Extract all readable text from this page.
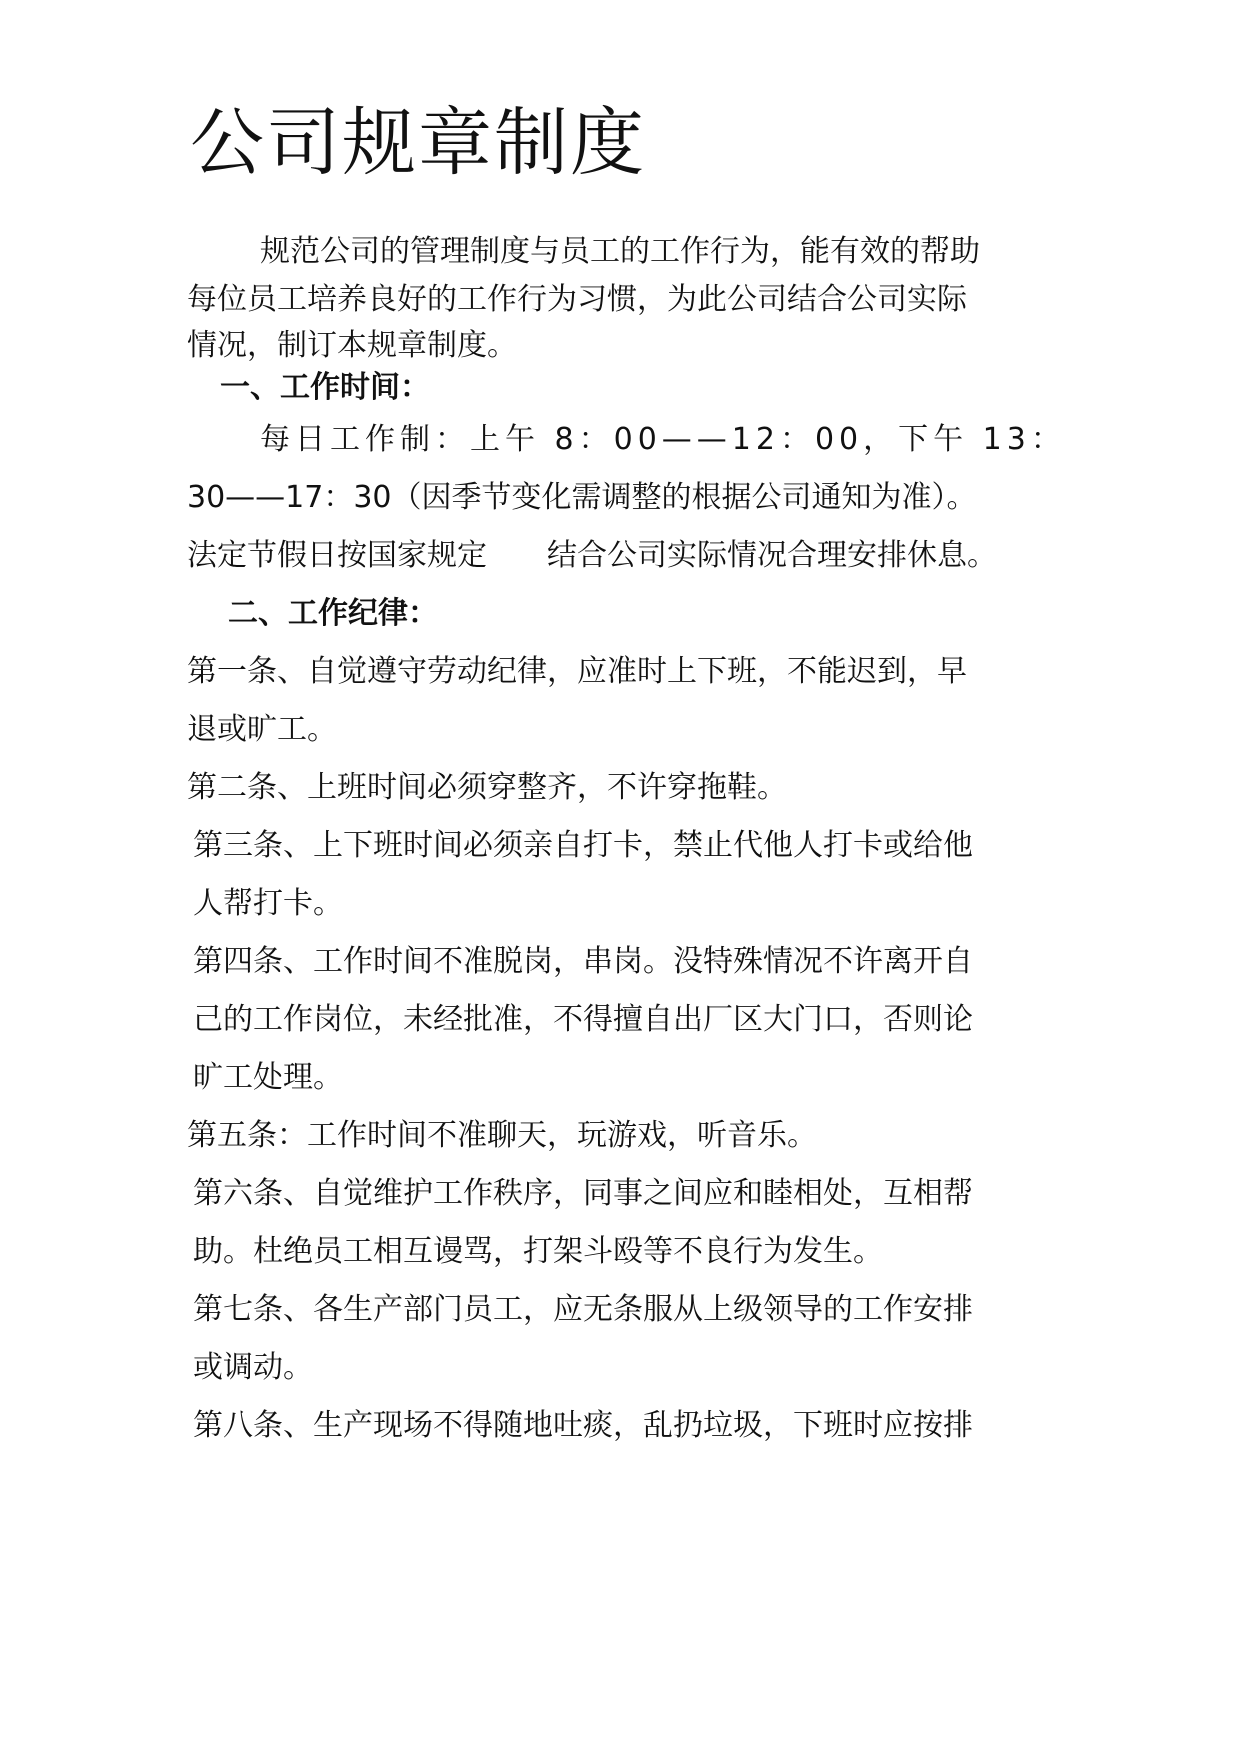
公司规章制度
规范公司的管理制度与员工的工作行为，能有效的帮助
每位员工培养良好的工作行为习惯，为此公司结合公司实际
情况，制订本规章制度。
一、工作时间：
每日工作制：上午 8：00——12：00，下午 13：
30——17：30（因季节变化需调整的根据公司通知为准）。
法定节假日按国家规定　　结合公司实际情况合理安排休息。
二、工作纪律：
第一条、自觉遵守劳动纪律，应准时上下班，不能迟到，早
退或旷工。
第二条、上班时间必须穿整齐，不许穿拖鞋。
第三条、上下班时间必须亲自打卡，禁止代他人打卡或给他
人帮打卡。
第四条、工作时间不准脱岗，串岗。没特殊情况不许离开自
己的工作岗位，未经批准，不得擅自出厂区大门口，否则论
旷工处理。
第五条：工作时间不准聊天，玩游戏，听音乐。
第六条、自觉维护工作秩序，同事之间应和睦相处，互相帮
助。杜绝员工相互谩骂，打架斗殴等不良行为发生。
第七条、各生产部门员工，应无条服从上级领导的工作安排
或调动。
第八条、生产现场不得随地吐痰，乱扔垃圾，下班时应按排
